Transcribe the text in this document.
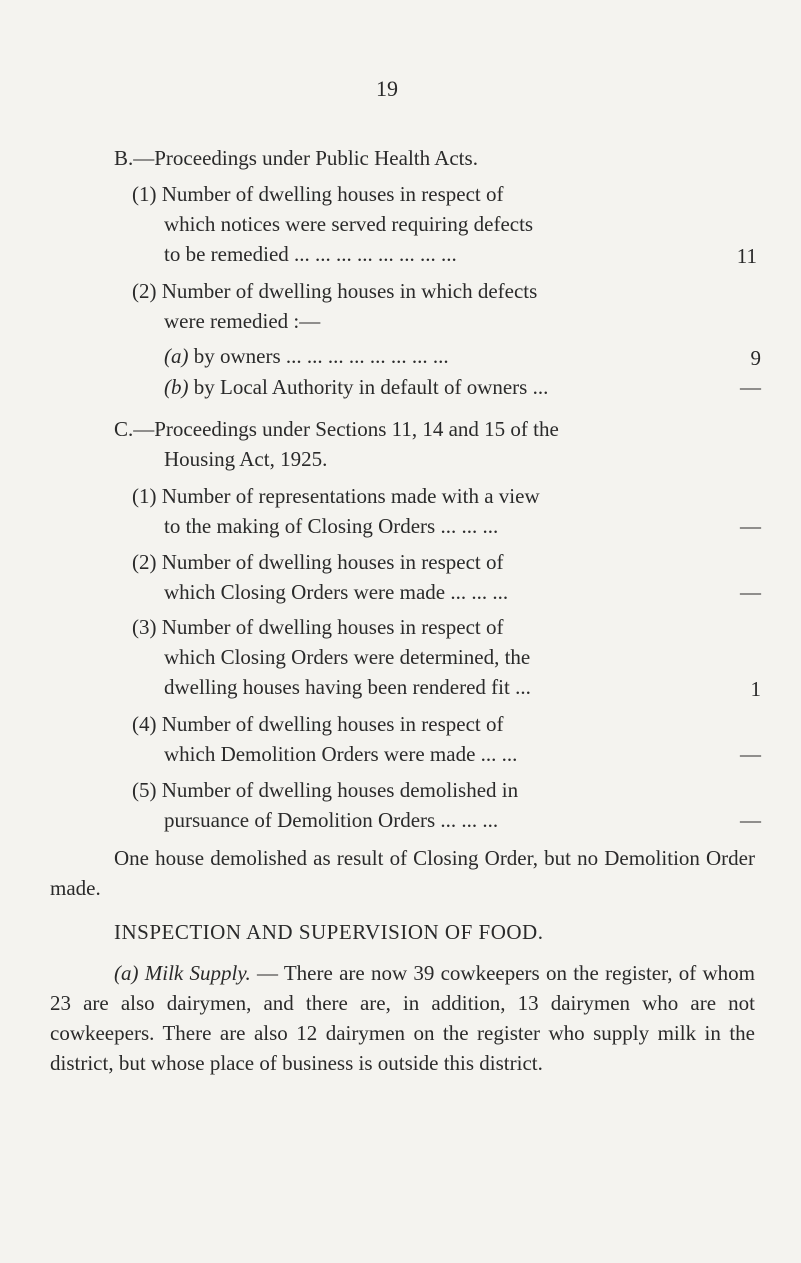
19
B.—Proceedings under Public Health Acts.
(1) Number of dwelling houses in respect of
which notices were served requiring defects
to be remedied ... ... ... ... ... ... ... ...	11
(2) Number of dwelling houses in which defects
were remedied :—
(a) by owners ... ... ... ... ... ... ... ...	9
(b) by Local Authority in default of owners ...	—
C.—Proceedings under Sections 11, 14 and 15 of the
Housing Act, 1925.
(1) Number of representations made with a view
to the making of Closing Orders ... ... ...	—
(2) Number of dwelling houses in respect of
which Closing Orders were made ... ... ...	—
(3) Number of dwelling houses in respect of
which Closing Orders were determined, the
dwelling houses having been rendered fit ...	1
(4) Number of dwelling houses in respect of
which Demolition Orders were made ... ...	—
(5) Number of dwelling houses demolished in
pursuance of Demolition Orders ... ... ...	—
One house demolished as result of Closing Order, but no Demolition Order made.
INSPECTION AND SUPERVISION OF FOOD.
(a) Milk Supply. — There are now 39 cowkeepers on the register, of whom 23 are also dairymen, and there are, in addition, 13 dairymen who are not cowkeepers. There are also 12 dairymen on the register who supply milk in the district, but whose place of business is outside this district.
